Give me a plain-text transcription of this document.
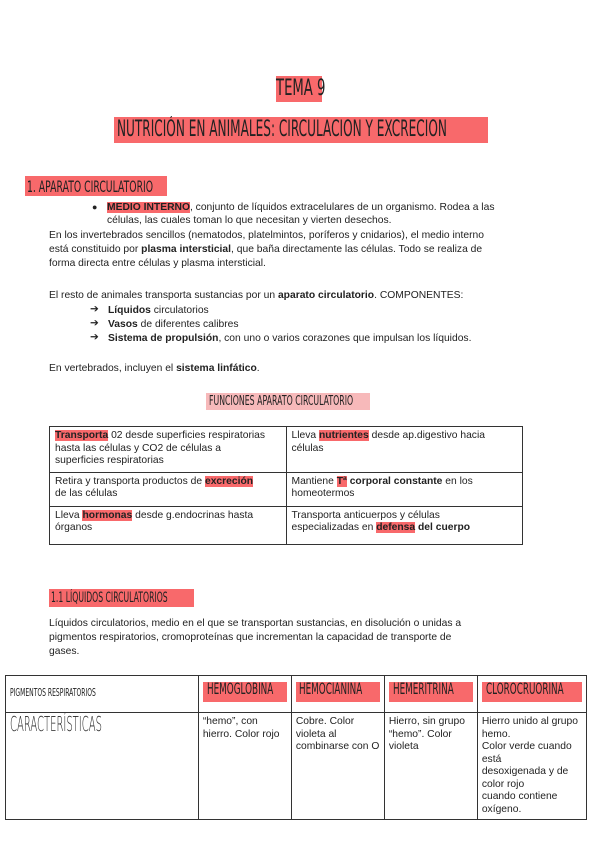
TEMA 9
NUTRICIÓN EN ANIMALES: CIRCULACION Y EXCRECION
1. APARATO CIRCULATORIO
● MEDIO INTERNO, conjunto de líquidos extracelulares de un organismo. Rodea a las
células, las cuales toman lo que necesitan y vierten desechos.
En los invertebrados sencillos (nematodos, platelmintos, poríferos y cnidarios), el medio interno
está constituido por plasma intersticial, que baña directamente las células. Todo se realiza de
forma directa entre células y plasma intersticial.
El resto de animales transporta sustancias por un aparato circulatorio. COMPONENTES:
➔ Líquidos circulatorios
➔ Vasos de diferentes calibres
➔ Sistema de propulsión, con uno o varios corazones que impulsan los líquidos.
En vertebrados, incluyen el sistema linfático.
FUNCIONES APARATO CIRCULATORIO
Transporta 02 desde superficies respiratorias
hasta las células y CO2 de células a
superficies respiratorias	Lleva nutrientes desde ap.digestivo hacia
células
Retira y transporta productos de excreción
de las células	Mantiene Tª corporal constante en los
homeotermos
Lleva hormonas desde g.endocrinas hasta
órganos	Transporta anticuerpos y células
especializadas en defensa del cuerpo
1.1 LÍQUIDOS CIRCULATORIOS
Líquidos circulatorios, medio en el que se transportan sustancias, en disolución o unidas a
pigmentos respiratorios, cromoproteínas que incrementan la capacidad de transporte de
gases.
PIGMENTOS RESPIRATORIOS	HEMOGLOBINA	HEMOCIANINA	HEMERITRINA	CLOROCRUORINA

CARACTERÍSTICAS	“hemo”, con
hierro. Color rojo	Cobre. Color
violeta al
combinarse con O	Hierro, sin grupo
“hemo”. Color
violeta	Hierro unido al grupo hemo.
Color verde cuando está
desoxigenada y de color rojo
cuando contiene oxígeno.
